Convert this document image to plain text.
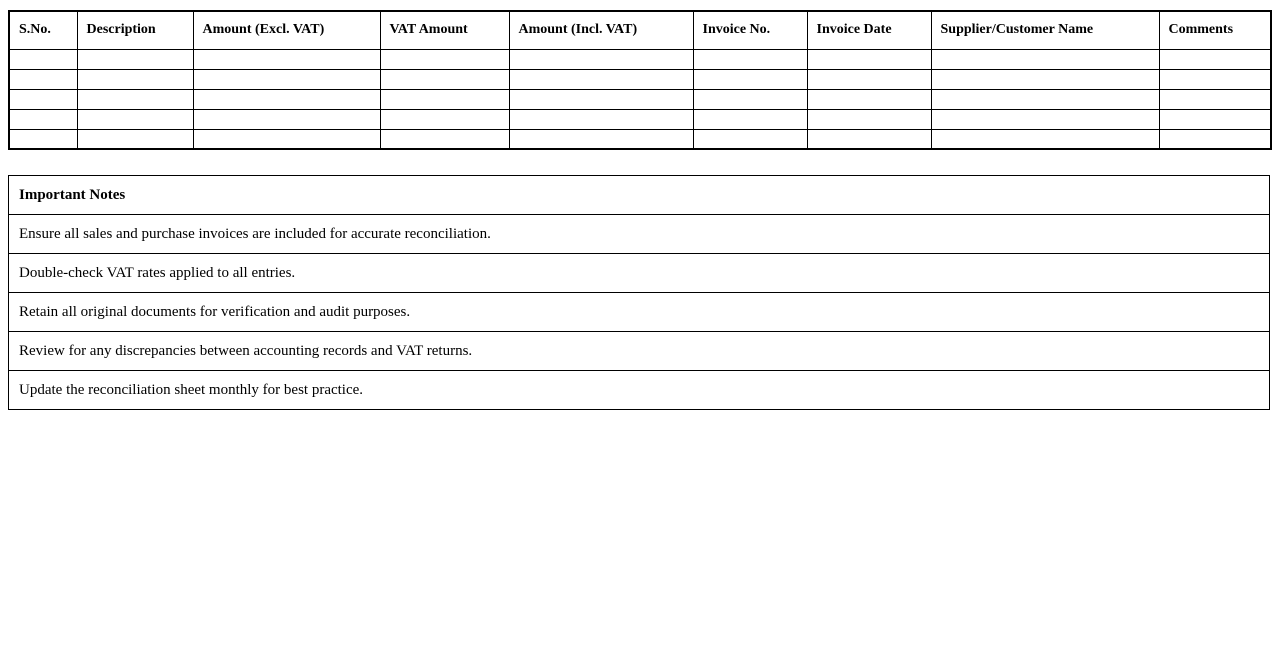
S.No.	Description	Amount (Excl. VAT)	VAT Amount	Amount (Incl. VAT)	Invoice No.	Invoice Date	Supplier/Customer Name	Comments

Important Notes
Ensure all sales and purchase invoices are included for accurate reconciliation.
Double-check VAT rates applied to all entries.
Retain all original documents for verification and audit purposes.
Review for any discrepancies between accounting records and VAT returns.
Update the reconciliation sheet monthly for best practice.
